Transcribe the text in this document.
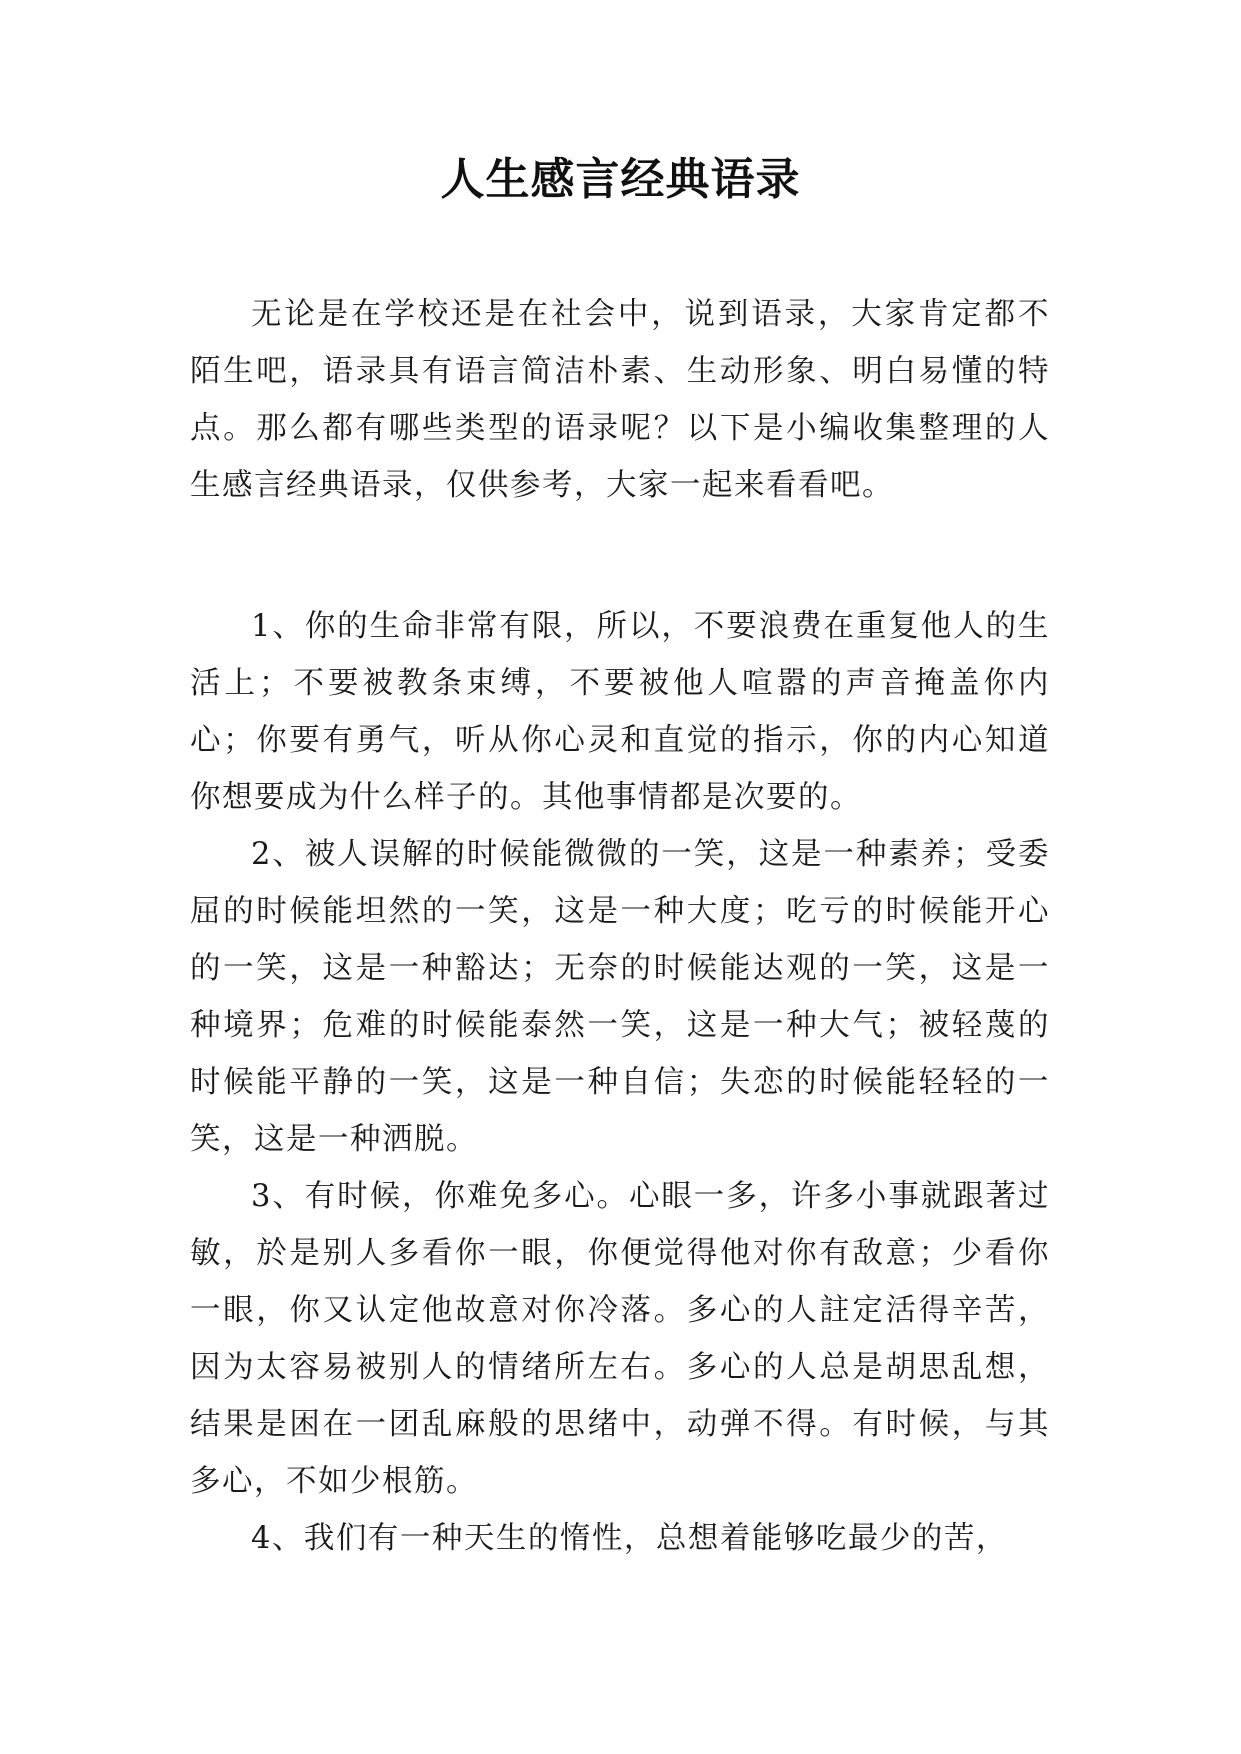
人生感言经典语录

无论是在学校还是在社会中，说到语录，大家肯定都不陌生吧，语录具有语言简洁朴素、生动形象、明白易懂的特点。那么都有哪些类型的语录呢？以下是小编收集整理的人生感言经典语录，仅供参考，大家一起来看看吧。

1、你的生命非常有限，所以，不要浪费在重复他人的生活上；不要被教条束缚，不要被他人喧嚣的声音掩盖你内心；你要有勇气，听从你心灵和直觉的指示，你的内心知道你想要成为什么样子的。其他事情都是次要的。

2、被人误解的时候能微微的一笑，这是一种素养；受委屈的时候能坦然的一笑，这是一种大度；吃亏的时候能开心的一笑，这是一种豁达；无奈的时候能达观的一笑，这是一种境界；危难的时候能泰然一笑，这是一种大气；被轻蔑的时候能平静的一笑，这是一种自信；失恋的时候能轻轻的一笑，这是一种洒脱。

3、有时候，你难免多心。心眼一多，许多小事就跟著过敏，於是别人多看你一眼，你便觉得他对你有敌意；少看你一眼，你又认定他故意对你冷落。多心的人註定活得辛苦，因为太容易被别人的情绪所左右。多心的人总是胡思乱想，结果是困在一团乱麻般的思绪中，动弹不得。有时候，与其多心，不如少根筋。

4、我们有一种天生的惰性，总想着能够吃最少的苦，
